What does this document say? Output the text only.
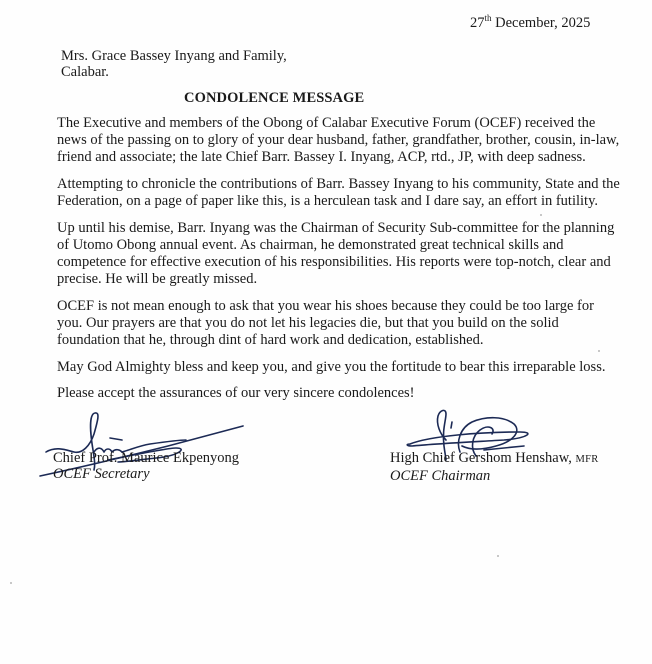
27th December, 2025
Mrs. Grace Bassey Inyang and Family,
Calabar.
CONDOLENCE MESSAGE

The Executive and members of the Obong of Calabar Executive Forum (OCEF) received the
news of the passing on to glory of your dear husband, father, grandfather, brother, cousin, in-law,
friend and associate; the late Chief Barr. Bassey I. Inyang, ACP, rtd., JP, with deep sadness.

Attempting to chronicle the contributions of Barr. Bassey Inyang to his community, State and the
Federation, on a page of paper like this, is a herculean task and I dare say, an effort in futility.

Up until his demise, Barr. Inyang was the Chairman of Security Sub-committee for the planning
of Utomo Obong annual event. As chairman, he demonstrated great technical skills and
competence for effective execution of his responsibilities. His reports were top-notch, clear and
precise. He will be greatly missed.

OCEF is not mean enough to ask that you wear his shoes because they could be too large for
you. Our prayers are that you do not let his legacies die, but that you build on the solid
foundation that he, through dint of hard work and dedication, established.

May God Almighty bless and keep you, and give you the fortitude to bear this irreparable loss.

Please accept the assurances of our very sincere condolences!

Chief Prof. Maurice Ekpenyong
OCEF Secretary
High Chief Gershom Henshaw, MFR
OCEF Chairman
